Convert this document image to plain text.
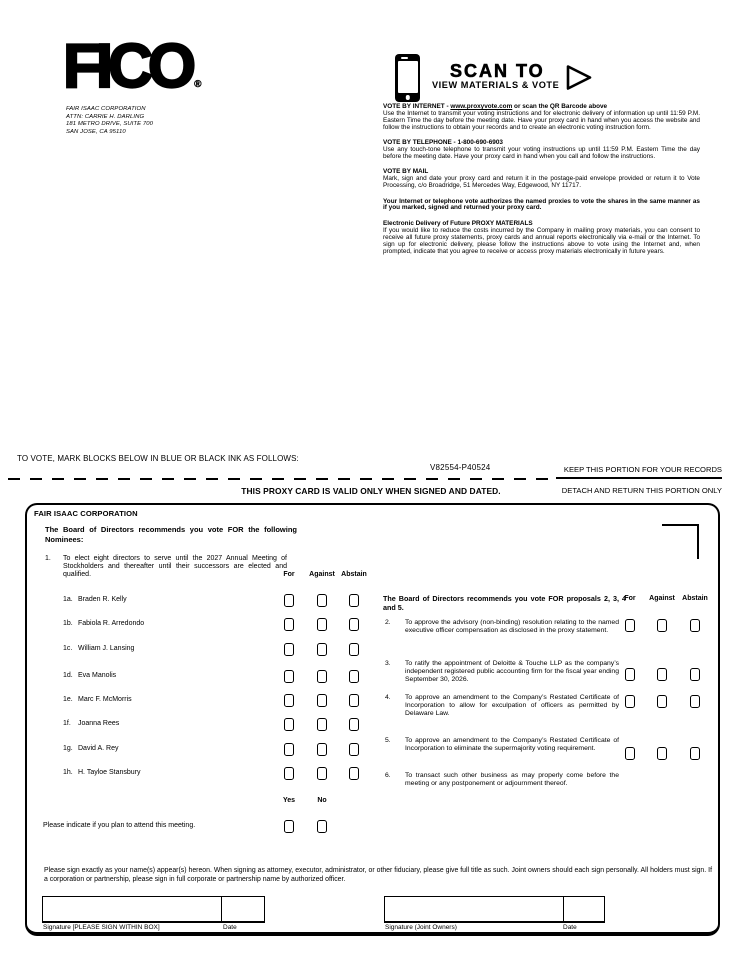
FICO ®
FAIR ISAAC CORPORATION
ATTN: CARRIE H. DARLING
181 METRO DRIVE, SUITE 700
SAN JOSE, CA 95110
SCAN TO
VIEW MATERIALS & VOTE

VOTE BY INTERNET - www.proxyvote.com or scan the QR Barcode above

Use the Internet to transmit your voting instructions and for electronic delivery of information up until 11:59 P.M. Eastern Time the day before the meeting date. Have your proxy card in hand when you access the website and follow the instructions to obtain your records and to create an electronic voting instruction form.

VOTE BY TELEPHONE - 1-800-690-6903

Use any touch-tone telephone to transmit your voting instructions up until 11:59 P.M. Eastern Time the day before the meeting date. Have your proxy card in hand when you call and follow the instructions.

VOTE BY MAIL

Mark, sign and date your proxy card and return it in the postage-paid envelope provided or return it to Vote Processing, c/o Broadridge, 51 Mercedes Way, Edgewood, NY 11717.

Your Internet or telephone vote authorizes the named proxies to vote the shares in the same manner as if you marked, signed and returned your proxy card.

Electronic Delivery of Future PROXY MATERIALS

If you would like to reduce the costs incurred by the Company in mailing proxy materials, you can consent to receive all future proxy statements, proxy cards and annual reports electronically via e-mail or the Internet. To sign up for electronic delivery, please follow the instructions above to vote using the Internet and, when prompted, indicate that you agree to receive or access proxy materials electronically in future years.

TO VOTE, MARK BLOCKS BELOW IN BLUE OR BLACK INK AS FOLLOWS:
V82554-P40524	KEEP THIS PORTION FOR YOUR RECORDS
DETACH AND RETURN THIS PORTION ONLY
THIS PROXY CARD IS VALID ONLY WHEN SIGNED AND DATED.
FAIR ISAAC CORPORATION
The Board of Directors recommends you vote FOR the following Nominees:
1. To elect eight directors to serve until the 2027 Annual Meeting of Stockholders and thereafter until their successors are elected and qualified.	For Against Abstain
1a. Braden R. Kelly
1b. Fabiola R. Arredondo
1c. William J. Lansing
1d. Eva Manolis
1e. Marc F. McMorris
1f. Joanna Rees
1g. David A. Rey
1h. H. Tayloe Stansbury
Yes	No
Please indicate if you plan to attend this meeting.
The Board of Directors recommends you vote FOR proposals 2, 3, 4 and 5.
For Against Abstain
2. To approve the advisory (non-binding) resolution relating to the named executive officer compensation as disclosed in the proxy statement.
3. To ratify the appointment of Deloitte & Touche LLP as the company’s independent registered public accounting firm for the fiscal year ending September 30, 2026.
4. To approve an amendment to the Company’s Restated Certificate of Incorporation to allow for exculpation of officers as permitted by Delaware Law.
5. To approve an amendment to the Company’s Restated Certificate of Incorporation to eliminate the supermajority voting requirement.
6. To transact such other business as may properly come before the meeting or any postponement or adjournment thereof.
Please sign exactly as your name(s) appear(s) hereon. When signing as attorney, executor, administrator, or other fiduciary, please give full title as such. Joint owners should each sign personally. All holders must sign. If a corporation or partnership, please sign in full corporate or partnership name by authorized officer.
Signature [PLEASE SIGN WITHIN BOX]	Date	Signature (Joint Owners)	Date
